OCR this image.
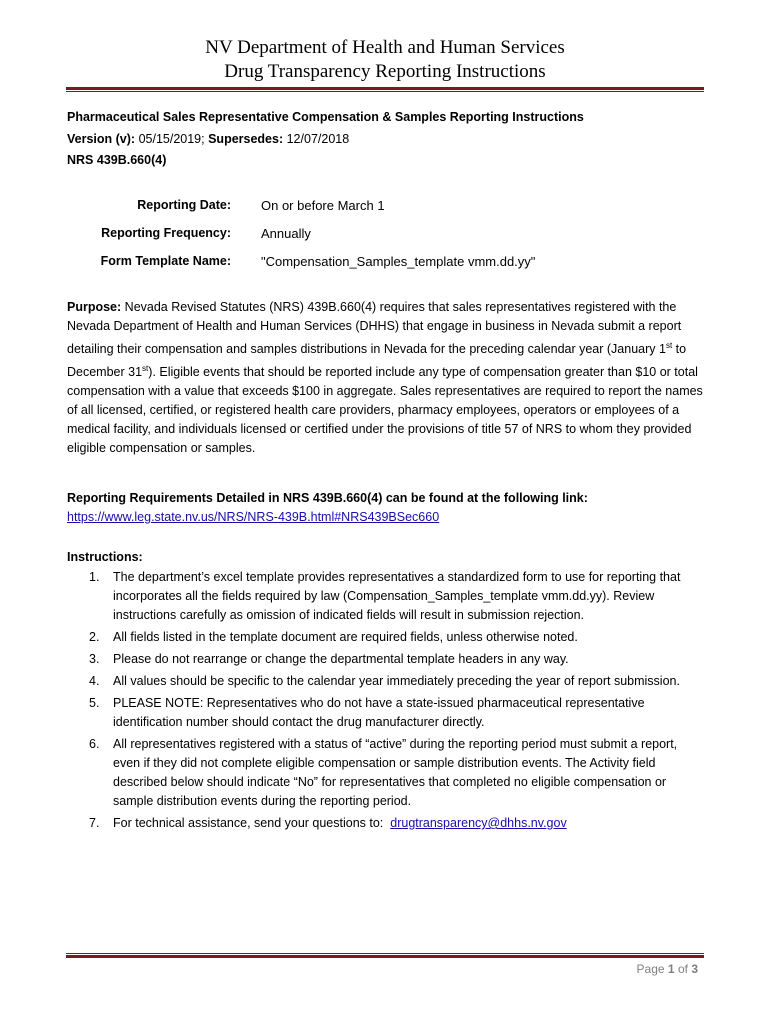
NV Department of Health and Human Services
Drug Transparency Reporting Instructions
Pharmaceutical Sales Representative Compensation & Samples Reporting Instructions
Version (v): 05/15/2019; Supersedes: 12/07/2018
NRS 439B.660(4)
Reporting Date: On or before March 1
Reporting Frequency: Annually
Form Template Name: "Compensation_Samples_template vmm.dd.yy"
Purpose: Nevada Revised Statutes (NRS) 439B.660(4) requires that sales representatives registered with the Nevada Department of Health and Human Services (DHHS) that engage in business in Nevada submit a report detailing their compensation and samples distributions in Nevada for the preceding calendar year (January 1st to December 31st). Eligible events that should be reported include any type of compensation greater than $10 or total compensation with a value that exceeds $100 in aggregate. Sales representatives are required to report the names of all licensed, certified, or registered health care providers, pharmacy employees, operators or employees of a medical facility, and individuals licensed or certified under the provisions of title 57 of NRS to whom they provided eligible compensation or samples.
Reporting Requirements Detailed in NRS 439B.660(4) can be found at the following link:
https://www.leg.state.nv.us/NRS/NRS-439B.html#NRS439BSec660
Instructions:
1. The department’s excel template provides representatives a standardized form to use for reporting that incorporates all the fields required by law (Compensation_Samples_template vmm.dd.yy). Review instructions carefully as omission of indicated fields will result in submission rejection.
2. All fields listed in the template document are required fields, unless otherwise noted.
3. Please do not rearrange or change the departmental template headers in any way.
4. All values should be specific to the calendar year immediately preceding the year of report submission.
5. PLEASE NOTE: Representatives who do not have a state-issued pharmaceutical representative identification number should contact the drug manufacturer directly.
6. All representatives registered with a status of “active” during the reporting period must submit a report, even if they did not complete eligible compensation or sample distribution events. The Activity field described below should indicate “No” for representatives that completed no eligible compensation or sample distribution events during the reporting period.
7. For technical assistance, send your questions to: drugtransparency@dhhs.nv.gov
Page 1 of 3
